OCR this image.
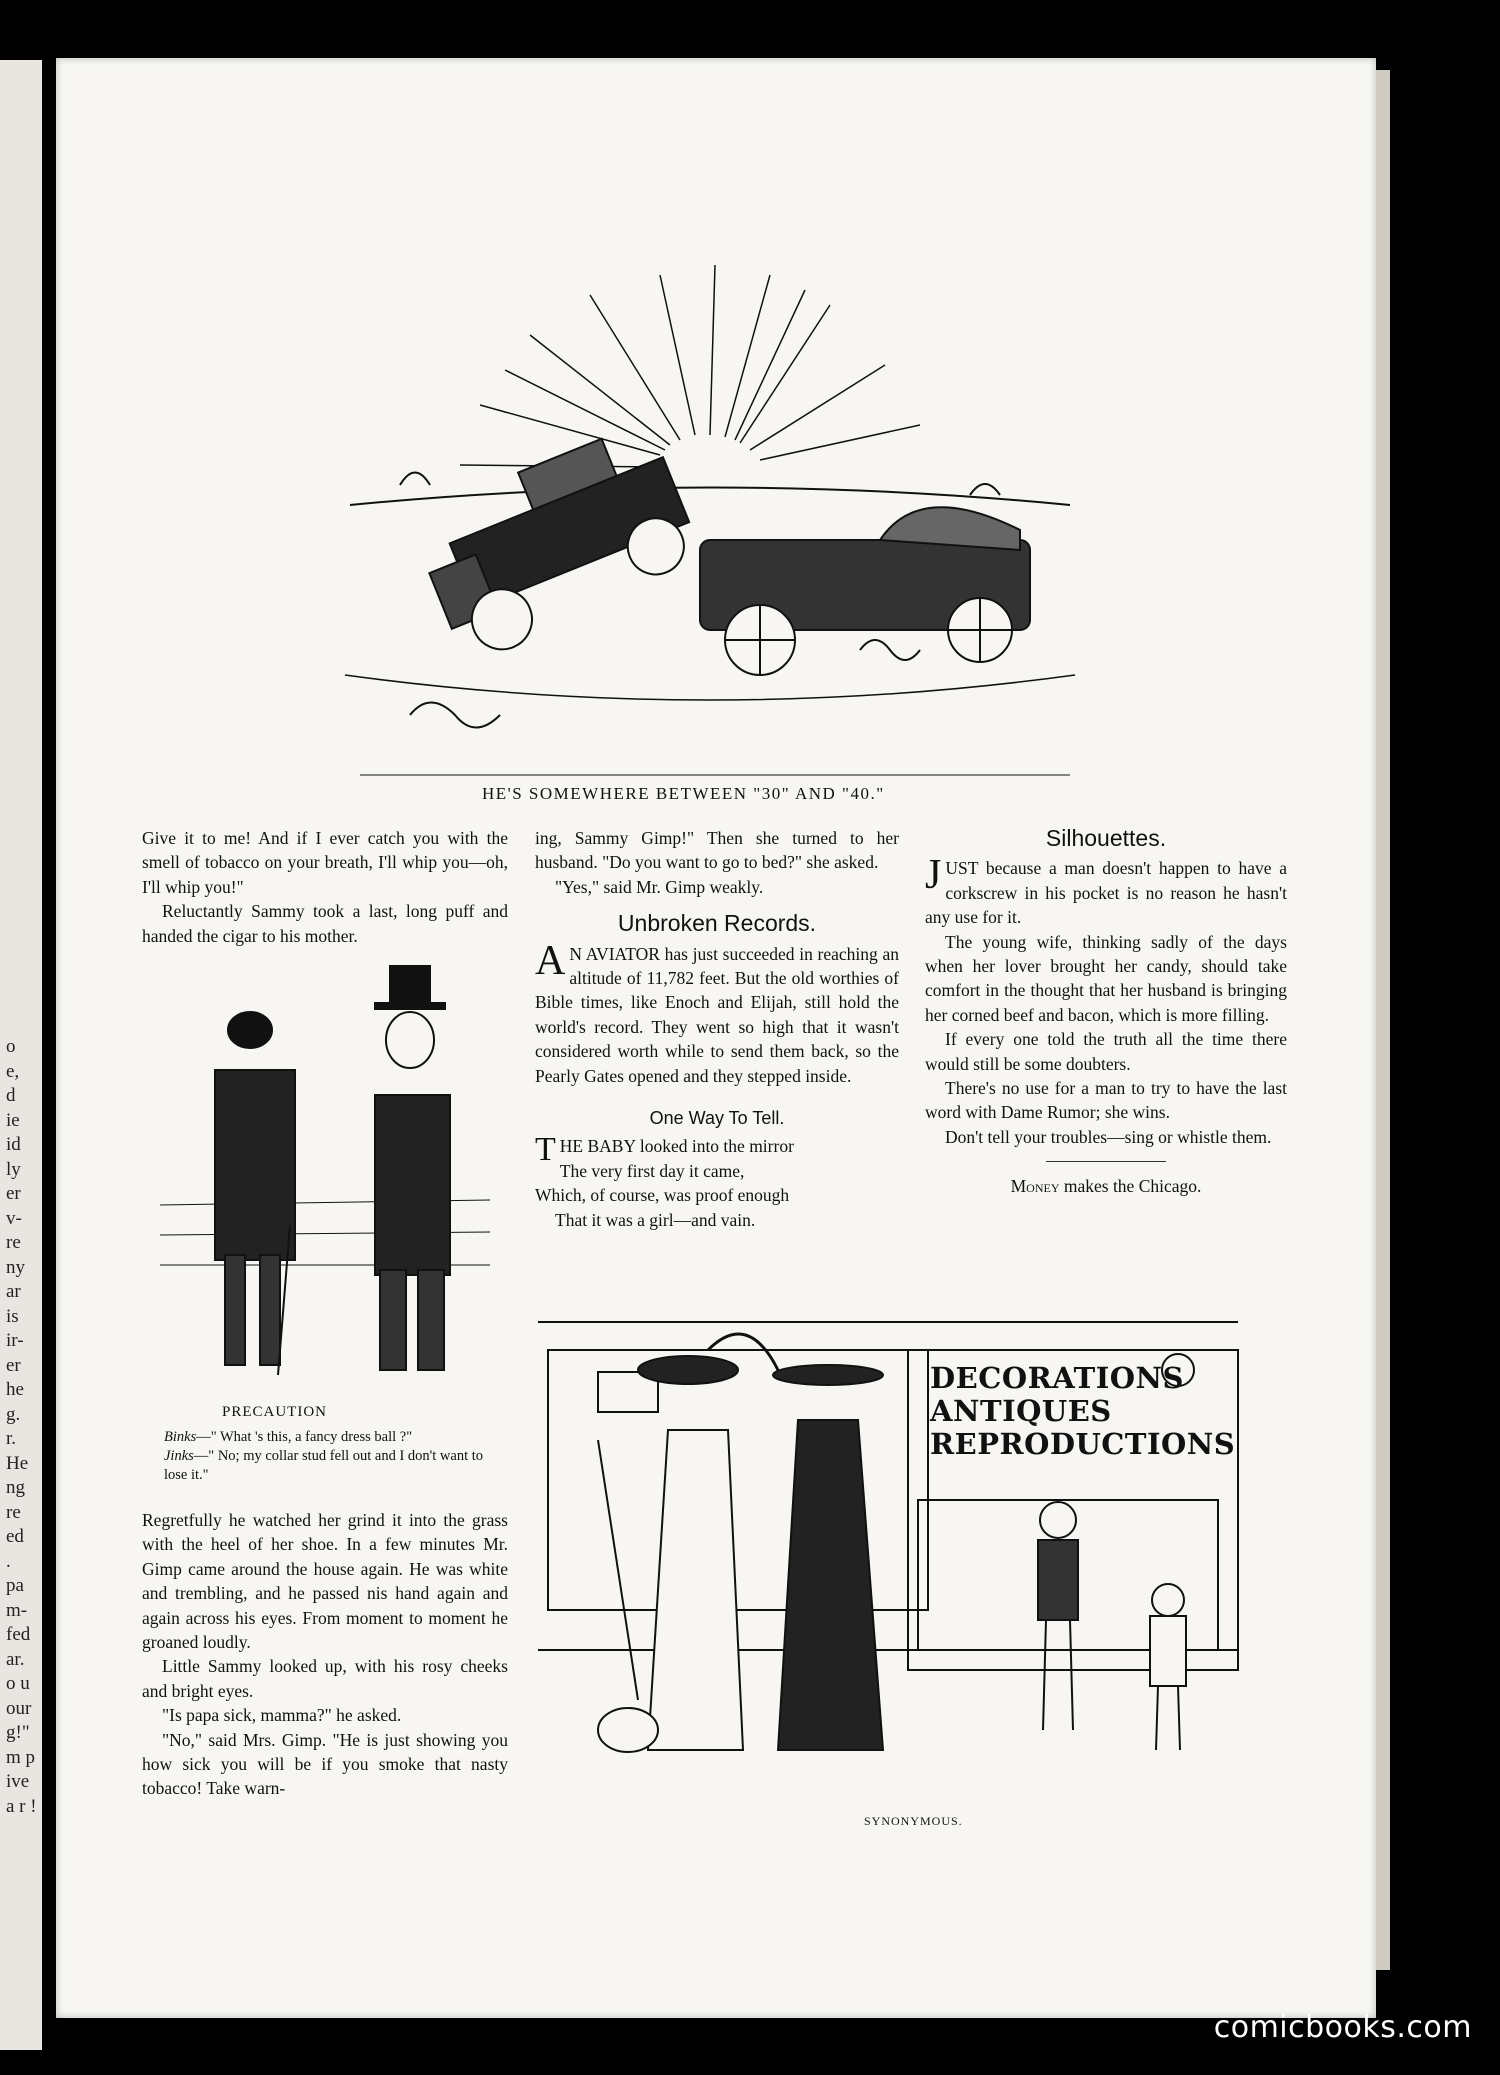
o
e,
d
ie
id
ly
er
v-
re
ny
ar
is
ir-
er
he
g.
r.
He
ng
re
ed
.
pa
m-
fed
ar.
o u
our
g!"
m p
ive
a r !
HE'S SOMEWHERE BETWEEN "30" AND "40."

Give it to me! And if I ever catch you with the smell of tobacco on your breath, I'll whip you—oh, I'll whip you!"

Reluctantly Sammy took a last, long puff and handed the cigar to his mother.

PRECAUTION
Binks—" What 's this, a fancy dress ball ?"
Jinks—" No; my collar stud fell out and I don't want to lose it."

Regretfully he watched her grind it into the grass with the heel of her shoe. In a few minutes Mr. Gimp came around the house again. He was white and trembling, and he passed nis hand again and again across his eyes. From moment to moment he groaned loudly.

Little Sammy looked up, with his rosy cheeks and bright eyes.

"Is papa sick, mamma?" he asked.

"No," said Mrs. Gimp. "He is just showing you how sick you will be if you smoke that nasty tobacco! Take warn-

ing, Sammy Gimp!" Then she turned to her husband. "Do you want to go to bed?" she asked.

"Yes," said Mr. Gimp weakly.

Unbroken Records.

A N AVIATOR has just succeeded in reaching an altitude of 11,782 feet. But the old worthies of Bible times, like Enoch and Elijah, still hold the world's record. They went so high that it wasn't considered worth while to send them back, so the Pearly Gates opened and they stepped inside.

One Way To Tell.

THE BABY looked into the mirror

The very first day it came,

Which, of course, was proof enough

That it was a girl—and vain.

Silhouettes.

JUST because a man doesn't happen to have a corkscrew in his pocket is no reason he hasn't any use for it.

The young wife, thinking sadly of the days when her lover brought her candy, should take comfort in the thought that her husband is bringing her corned beef and bacon, which is more filling.

If every one told the truth all the time there would still be some doubters.

There's no use for a man to try to have the last word with Dame Rumor; she wins.

Don't tell your troubles—sing or whistle them.

Money makes the Chicago.

DECORATIONS
ANTIQUES
REPRODUCTIONS
SYNONYMOUS.
comicbooks.com
